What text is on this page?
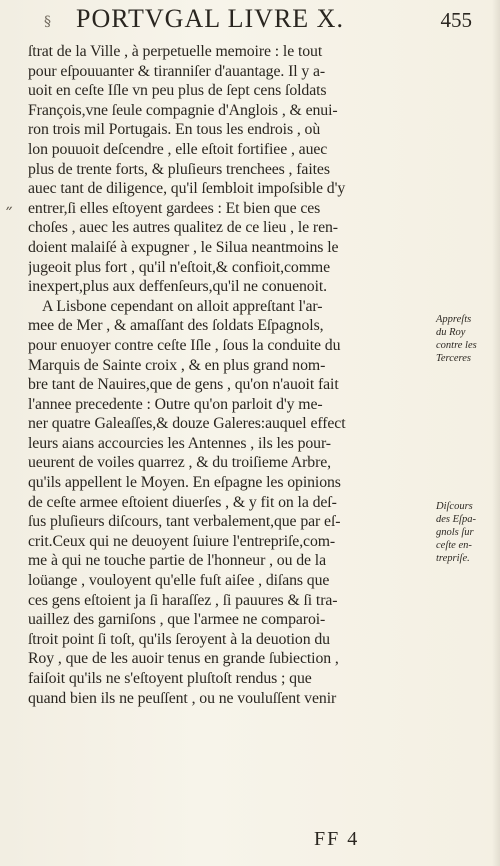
§ PORTVGAL LIVRE X.	455
ſtrat de la Ville , à perpetuelle memoire : le tout
pour eſpouuanter & tiranniſer d'auantage. Il y a-
uoit en ceſte Iſle vn peu plus de ſept cens ſoldats
François,vne ſeule compagnie d'Anglois , & enui-
ron trois mil Portugais. En tous les endrois , où
lon pouuoit deſcendre , elle eſtoit fortifiee , auec
plus de trente forts, & pluſieurs trenchees , faites
auec tant de diligence, qu'il ſembloit impoſsible d'y
entrer,ſi elles eſtoyent gardees : Et bien que ces
choſes , auec les autres qualitez de ce lieu , le ren-
doient malaiſé à expugner , le Silua neantmoins le
jugeoit plus fort , qu'il n'eſtoit,& confioit,comme
inexpert,plus aux deffenſeurs,qu'il ne conuenoit.
A Lisbone cependant on alloit appreſtant l'ar-
mee de Mer , & amaſſant des ſoldats Eſpagnols,
pour enuoyer contre ceſte Iſle , ſous la conduite du
Marquis de Sainte croix , & en plus grand nom-
bre tant de Nauires,que de gens , qu'on n'auoit fait
l'annee precedente : Outre qu'on parloit d'y me-
ner quatre Galeaſſes,& douze Galeres:auquel effect
leurs aians accourcies les Antennes , ils les pour-
ueurent de voiles quarrez , & du troiſieme Arbre,
qu'ils appellent le Moyen. En eſpagne les opinions
de ceſte armee eſtoient diuerſes , & y fit on la deſ-
ſus pluſieurs diſcours, tant verbalement,que par eſ-
crit.Ceux qui ne deuoyent ſuiure l'entrepriſe,com-
me à qui ne touche partie de l'honneur , ou de la
loüange , vouloyent qu'elle fuſt aiſee , diſans que
ces gens eſtoient ja ſi haraſſez , ſi pauures & ſi tra-
uaillez des garniſons , que l'armee ne comparoi-
ſtroit point ſi toſt, qu'ils ſeroyent à la deuotion du
Roy , que de les auoir tenus en grande ſubiection ,
faiſoit qu'ils ne s'eſtoyent pluſtoſt rendus ; que
quand bien ils ne peuſſent , ou ne vouluſſent venir
Appreſts
du Roy
contre les
Terceres
Diſcours
des Eſpa-
gnols ſur
ceſte en-
trepriſe.
˝
FF 4
